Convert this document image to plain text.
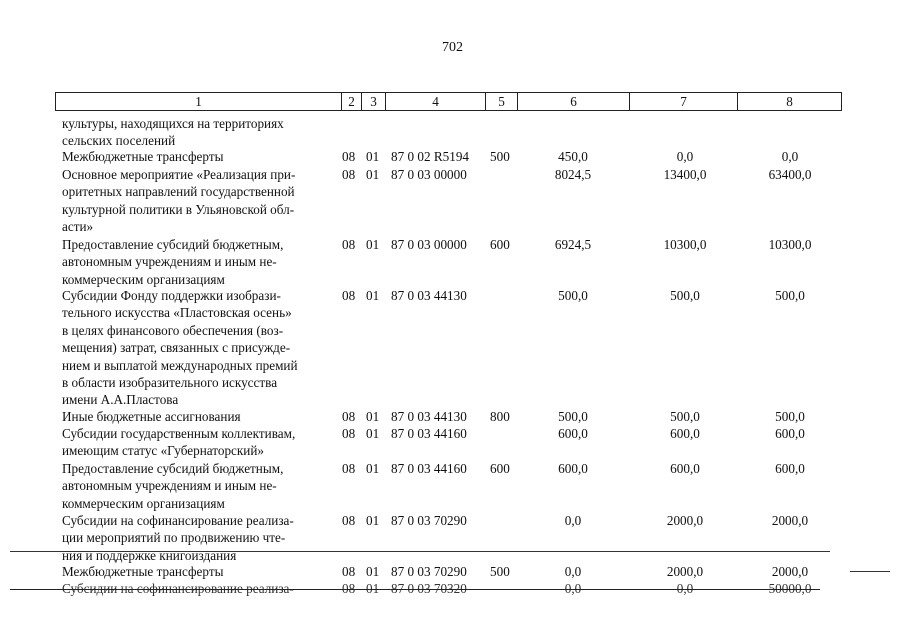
702
1	2	3	4	5	6	7	8
культуры, находящихся на территориях
сельских поселений
Межбюджетные трансферты	08 01 87 0 02 R5194 500	450,0	0,0	0,0
Основное мероприятие «Реализация при-
оритетных направлений государственной
культурной политики в Ульяновской обл-
асти»
08 01 87 0 03 00000	8024,5	13400,0	63400,0
Предоставление субсидий бюджетным,
автономным учреждениям и иным не-
коммерческим организациям
08 01 87 0 03 00000 600	6924,5	10300,0	10300,0
Субсидии Фонду поддержки изобрази-
тельного искусства «Пластовская осень»
в целях финансового обеспечения (воз-
мещения) затрат, связанных с присужде-
нием и выплатой международных премий
в области изобразительного искусства
имени А.А.Пластова
08 01 87 0 03 44130	500,0	500,0	500,0
Иные бюджетные ассигнования	08 01 87 0 03 44130 800	500,0	500,0	500,0
Субсидии государственным коллективам,
имеющим статус «Губернаторский»
08 01 87 0 03 44160	600,0	600,0	600,0
Предоставление субсидий бюджетным,
автономным учреждениям и иным не-
коммерческим организациям
08 01 87 0 03 44160 600	600,0	600,0	600,0
Субсидии на софинансирование реализа-
ции мероприятий по продвижению чте-
ния и поддержке книгоиздания
08 01 87 0 03 70290	0,0	2000,0	2000,0
Межбюджетные трансферты	08 01 87 0 03 70290 500	0,0	2000,0	2000,0
Субсидии на софинансирование реализа-	08 01 87 0 03 70320	0,0	0,0	50000,0
